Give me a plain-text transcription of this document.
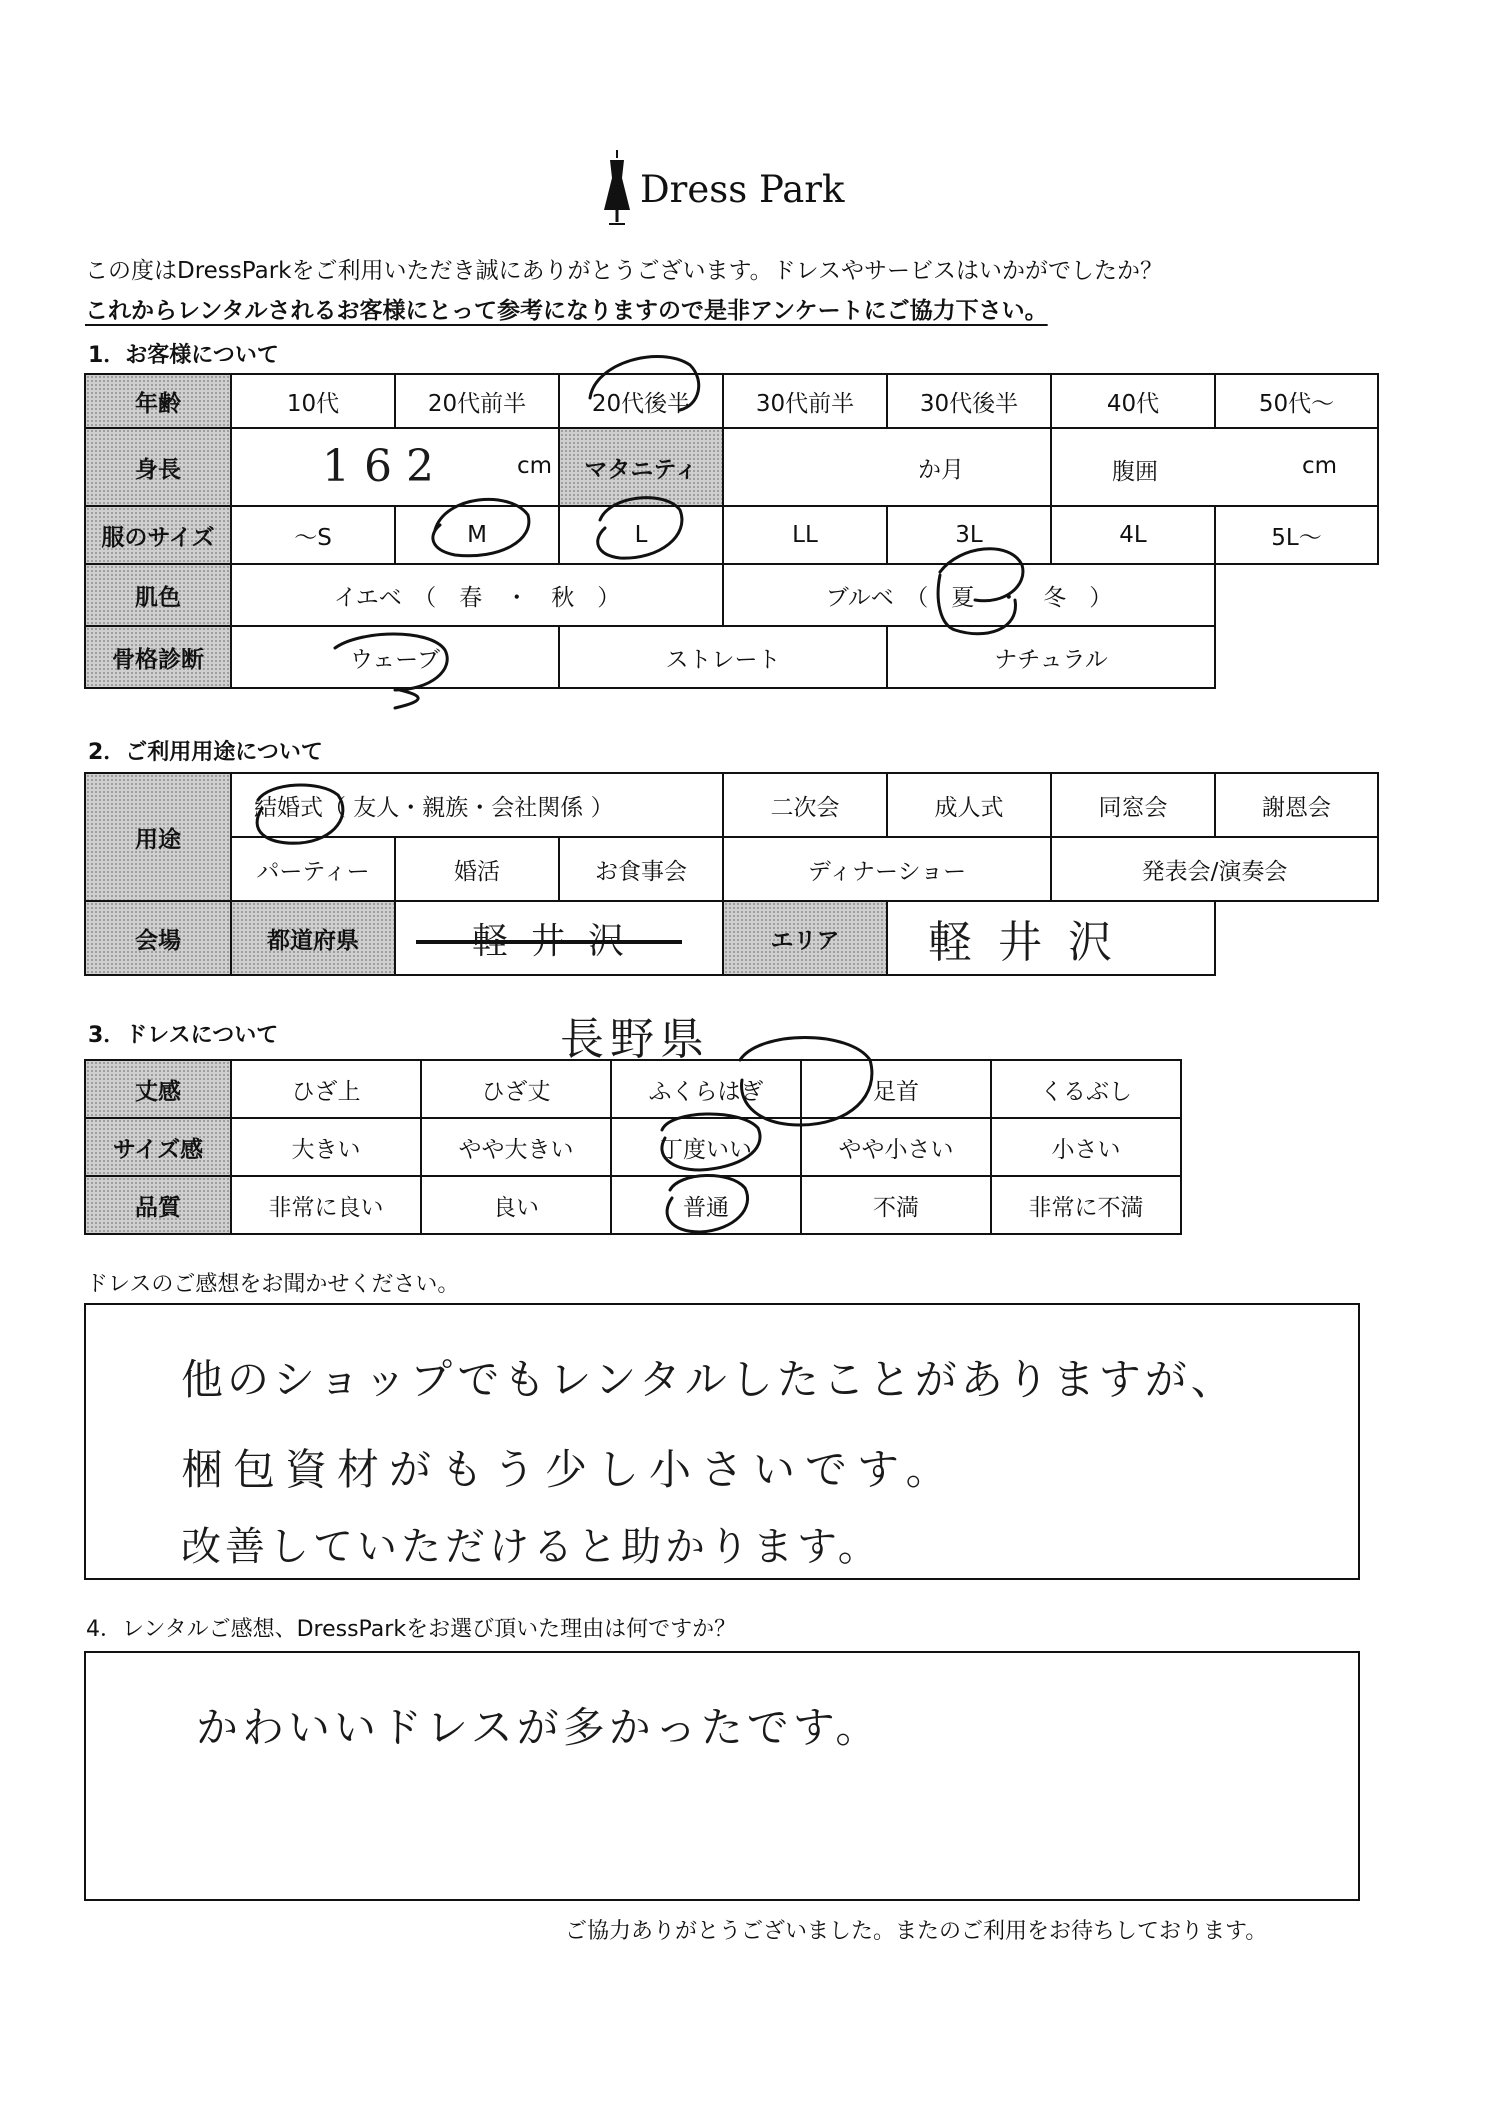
Dress Park
この度はDressParkをご利用いただき誠にありがとうございます。ドレスやサービスはいかがでしたか？
これからレンタルされるお客様にとって参考になりますので是非アンケートにご協力下さい。
1．お客様について
年齢	10代	20代前半	20代後半	30代前半	30代後半	40代	50代〜
身長	162 cm		マタニティ	か月		腹囲 cm	

服のサイズ	〜S	M	L	LL	3L	4L	5L〜
肌色	イエベ　（　春　・　秋　）			ブルベ　 （　 夏　 ・　 冬　 ）			
骨格診断	ウェーブ		ストレート		ナチュラル		
2．ご利用用途について
用途	結婚式（ 友人・親族・会社関係 ）			二次会	成人式	同窓会	謝恩会
	パーティー	婚活	お食事会	ディナーショー		発表会/演奏会	
会場	都道府県	軽井沢		エリア	軽井沢		
長野県
3．ドレスについて
丈感	ひざ上	ひざ丈	ふくらはぎ	足首	くるぶし
サイズ感	大きい	やや大きい	丁度いい	やや小さい	小さい
品質	非常に良い	良い	普通	不満	非常に不満
ドレスのご感想をお聞かせください。
他のショップでもレンタルしたことがありますが、
梱包資材がもう少し小さいです。
改善していただけると助かります。
4．レンタルご感想、DressParkをお選び頂いた理由は何ですか？
かわいいドレスが多かったです。
ご協力ありがとうございました。またのご利用をお待ちしております。
